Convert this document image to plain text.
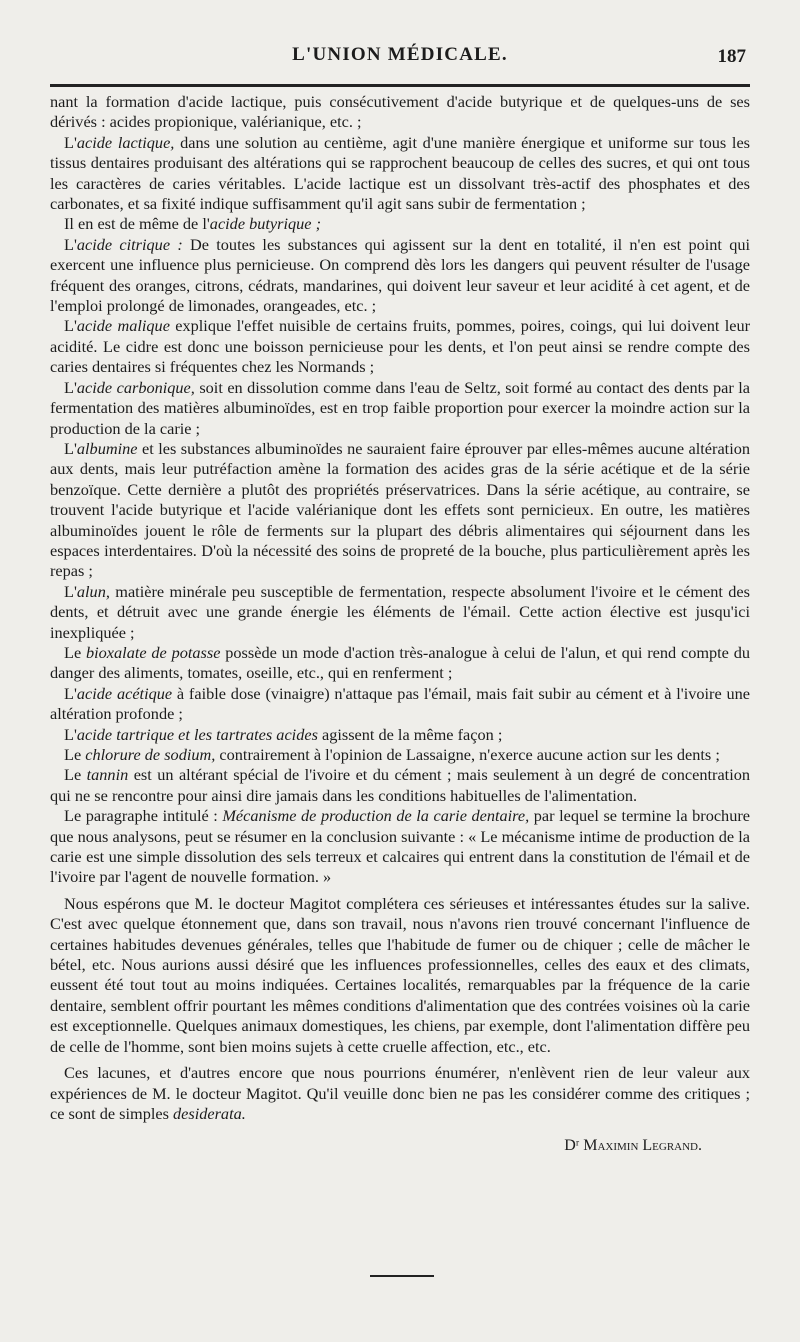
L'UNION MÉDICALE.	187

nant la formation d'acide lactique, puis consécutivement d'acide butyrique et de quelques-uns de ses dérivés : acides propionique, valérianique, etc. ;

L'acide lactique, dans une solution au centième, agit d'une manière énergique et uniforme sur tous les tissus dentaires produisant des altérations qui se rapprochent beaucoup de celles des sucres, et qui ont tous les caractères de caries véritables. L'acide lactique est un dissolvant très-actif des phosphates et des carbonates, et sa fixité indique suffisamment qu'il agit sans subir de fermentation ;

Il en est de même de l'acide butyrique ;

L'acide citrique : De toutes les substances qui agissent sur la dent en totalité, il n'en est point qui exercent une influence plus pernicieuse. On comprend dès lors les dangers qui peuvent résulter de l'usage fréquent des oranges, citrons, cédrats, mandarines, qui doivent leur saveur et leur acidité à cet agent, et de l'emploi prolongé de limonades, orangeades, etc. ;

L'acide malique explique l'effet nuisible de certains fruits, pommes, poires, coings, qui lui doivent leur acidité. Le cidre est donc une boisson pernicieuse pour les dents, et l'on peut ainsi se rendre compte des caries dentaires si fréquentes chez les Normands ;

L'acide carbonique, soit en dissolution comme dans l'eau de Seltz, soit formé au contact des dents par la fermentation des matières albuminoïdes, est en trop faible proportion pour exercer la moindre action sur la production de la carie ;

L'albumine et les substances albuminoïdes ne sauraient faire éprouver par elles-mêmes aucune altération aux dents, mais leur putréfaction amène la formation des acides gras de la série acétique et de la série benzoïque. Cette dernière a plutôt des propriétés préservatrices. Dans la série acétique, au contraire, se trouvent l'acide butyrique et l'acide valérianique dont les effets sont pernicieux. En outre, les matières albuminoïdes jouent le rôle de ferments sur la plupart des débris alimentaires qui séjournent dans les espaces interdentaires. D'où la nécessité des soins de propreté de la bouche, plus particulièrement après les repas ;

L'alun, matière minérale peu susceptible de fermentation, respecte absolument l'ivoire et le cément des dents, et détruit avec une grande énergie les éléments de l'émail. Cette action élective est jusqu'ici inexpliquée ;

Le bioxalate de potasse possède un mode d'action très-analogue à celui de l'alun, et qui rend compte du danger des aliments, tomates, oseille, etc., qui en renferment ;

L'acide acétique à faible dose (vinaigre) n'attaque pas l'émail, mais fait subir au cément et à l'ivoire une altération profonde ;

L'acide tartrique et les tartrates acides agissent de la même façon ;

Le chlorure de sodium, contrairement à l'opinion de Lassaigne, n'exerce aucune action sur les dents ;

Le tannin est un altérant spécial de l'ivoire et du cément ; mais seulement à un degré de concentration qui ne se rencontre pour ainsi dire jamais dans les conditions habituelles de l'alimentation.

Le paragraphe intitulé : Mécanisme de production de la carie dentaire, par lequel se termine la brochure que nous analysons, peut se résumer en la conclusion suivante : « Le mécanisme intime de production de la carie est une simple dissolution des sels terreux et calcaires qui entrent dans la constitution de l'émail et de l'ivoire par l'agent de nouvelle formation. »

Nous espérons que M. le docteur Magitot complétera ces sérieuses et intéressantes études sur la salive. C'est avec quelque étonnement que, dans son travail, nous n'avons rien trouvé concernant l'influence de certaines habitudes devenues générales, telles que l'habitude de fumer ou de chiquer ; celle de mâcher le bétel, etc. Nous aurions aussi désiré que les influences professionnelles, celles des eaux et des climats, eussent été tout tout au moins indiquées. Certaines localités, remarquables par la fréquence de la carie dentaire, semblent offrir pourtant les mêmes conditions d'alimentation que des contrées voisines où la carie est exceptionnelle. Quelques animaux domestiques, les chiens, par exemple, dont l'alimentation diffère peu de celle de l'homme, sont bien moins sujets à cette cruelle affection, etc., etc.

Ces lacunes, et d'autres encore que nous pourrions énumérer, n'enlèvent rien de leur valeur aux expériences de M. le docteur Magitot. Qu'il veuille donc bien ne pas les considérer comme des critiques ; ce sont de simples desiderata.

Dʳ Maximin Legrand.
